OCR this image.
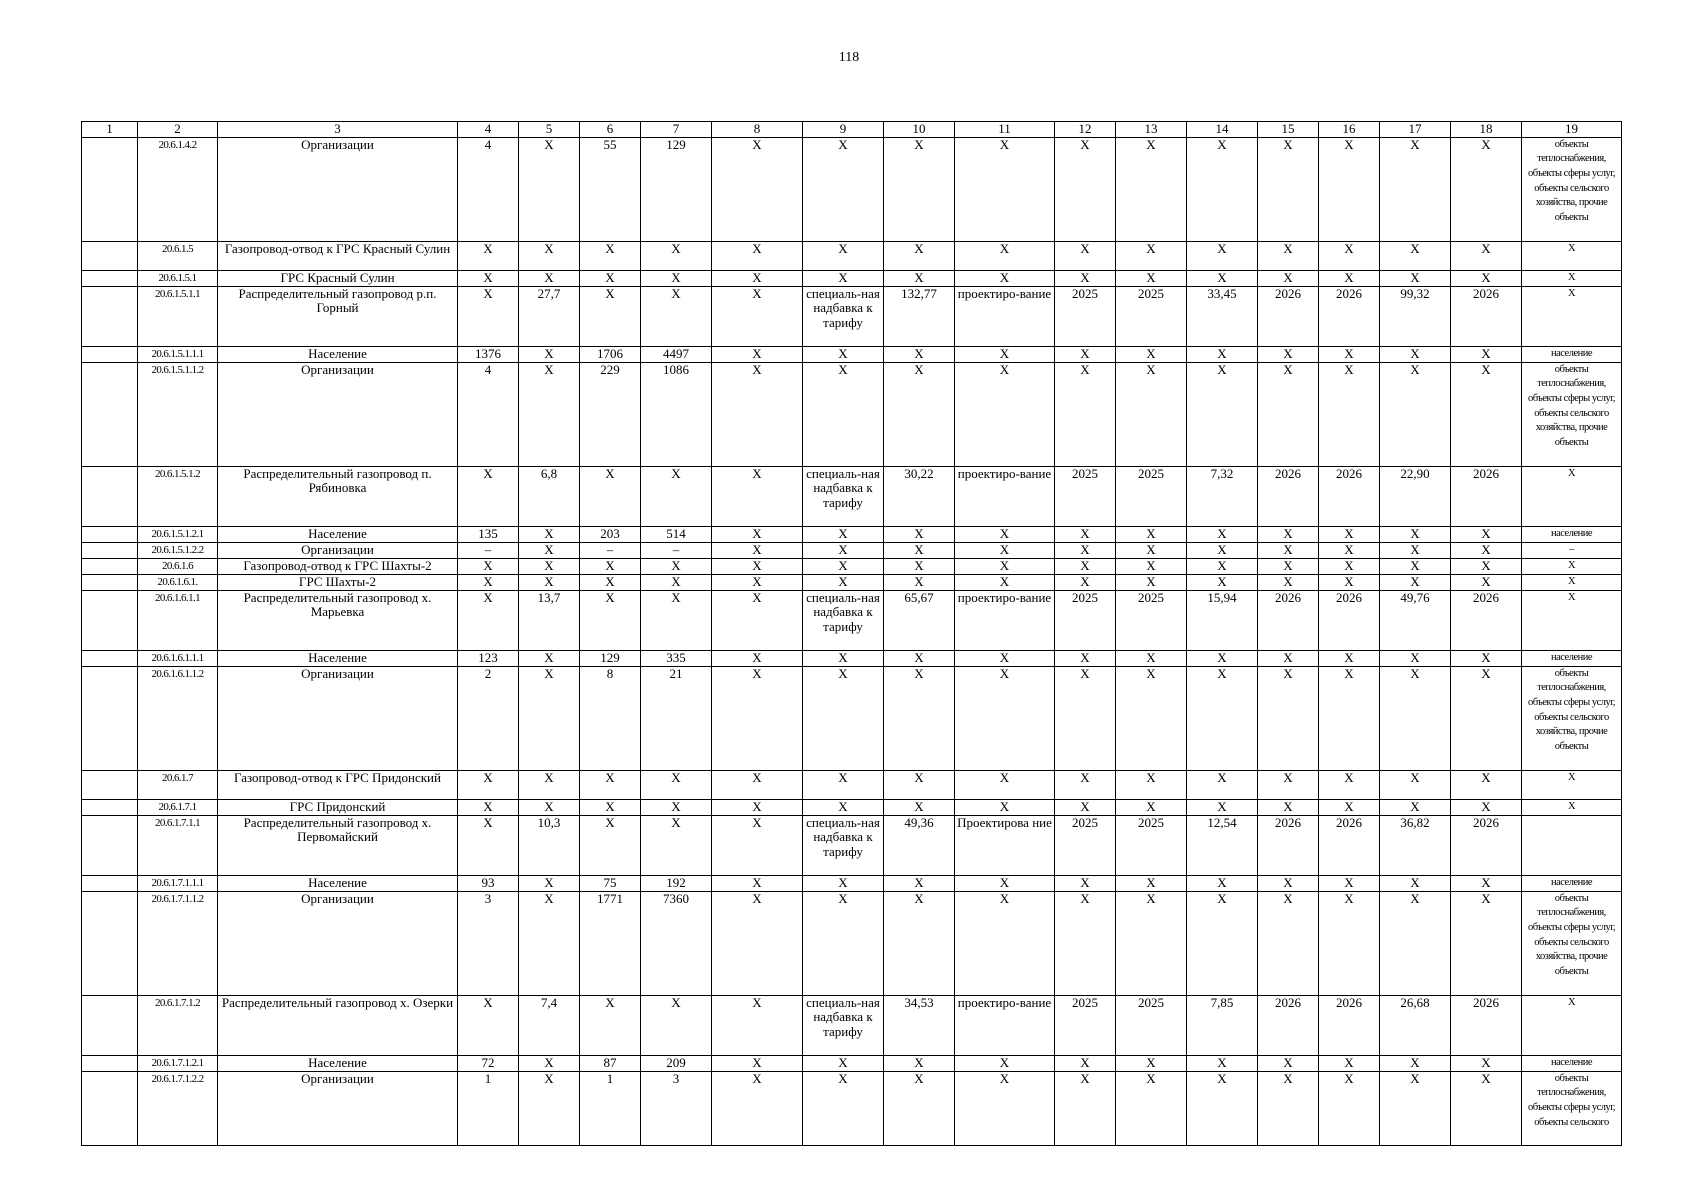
118
1	2	3	4	5	6	7	8	9	10	11	12	13	14	15	16	17	18	19
	20.6.1.4.2	Организации	4	X	55	129	X	X	X	X	X	X	X	X	X	X	X	объекты теплоснабжения, объекты сферы услуг, объекты сельского хозяйства, прочие объекты
	20.6.1.5	Газопровод-отвод к ГРС Красный Сулин	X	X	X	X	X	X	X	X	X	X	X	X	X	X	X	X
	20.6.1.5.1	ГРС Красный Сулин	X	X	X	X	X	X	X	X	X	X	X	X	X	X	X	X
	20.6.1.5.1.1	Распределительный газопровод р.п. Горный	X	27,7	X	X	X	специаль-ная надбавка к тарифу	132,77	проектиро-вание	2025	2025	33,45	2026	2026	99,32	2026	X
	20.6.1.5.1.1.1	Население	1376	X	1706	4497	X	X	X	X	X	X	X	X	X	X	X	население
	20.6.1.5.1.1.2	Организации	4	X	229	1086	X	X	X	X	X	X	X	X	X	X	X	объекты теплоснабжения, объекты сферы услуг, объекты сельского хозяйства, прочие объекты
	20.6.1.5.1.2	Распределительный газопровод п. Рябиновка	X	6,8	X	X	X	специаль-ная надбавка к тарифу	30,22	проектиро-вание	2025	2025	7,32	2026	2026	22,90	2026	X
	20.6.1.5.1.2.1	Население	135	X	203	514	X	X	X	X	X	X	X	X	X	X	X	население
	20.6.1.5.1.2.2	Организации	–	X	–	–	X	X	X	X	X	X	X	X	X	X	X	–
	20.6.1.6	Газопровод-отвод к ГРС Шахты-2	X	X	X	X	X	X	X	X	X	X	X	X	X	X	X	X
	20.6.1.6.1.	ГРС Шахты-2	X	X	X	X	X	X	X	X	X	X	X	X	X	X	X	X
	20.6.1.6.1.1	Распределительный газопровод х. Марьевка	X	13,7	X	X	X	специаль-ная надбавка к тарифу	65,67	проектиро-вание	2025	2025	15,94	2026	2026	49,76	2026	X
	20.6.1.6.1.1.1	Население	123	X	129	335	X	X	X	X	X	X	X	X	X	X	X	население
	20.6.1.6.1.1.2	Организации	2	X	8	21	X	X	X	X	X	X	X	X	X	X	X	объекты теплоснабжения, объекты сферы услуг, объекты сельского хозяйства, прочие объекты
	20.6.1.7	Газопровод-отвод к ГРС Придонский	X	X	X	X	X	X	X	X	X	X	X	X	X	X	X	X
	20.6.1.7.1	ГРС Придонский	X	X	X	X	X	X	X	X	X	X	X	X	X	X	X	X
	20.6.1.7.1.1	Распределительный газопровод х. Первомайский	X	10,3	X	X	X	специаль-ная надбавка к тарифу	49,36	Проектирова ние	2025	2025	12,54	2026	2026	36,82	2026	
	20.6.1.7.1.1.1	Население	93	X	75	192	X	X	X	X	X	X	X	X	X	X	X	население
	20.6.1.7.1.1.2	Организации	3	X	1771	7360	X	X	X	X	X	X	X	X	X	X	X	объекты теплоснабжения, объекты сферы услуг, объекты сельского хозяйства, прочие объекты
	20.6.1.7.1.2	Распределительный газопровод х. Озерки	X	7,4	X	X	X	специаль-ная надбавка к тарифу	34,53	проектиро-вание	2025	2025	7,85	2026	2026	26,68	2026	X
	20.6.1.7.1.2.1	Население	72	X	87	209	X	X	X	X	X	X	X	X	X	X	X	население
	20.6.1.7.1.2.2	Организации	1	X	1	3	X	X	X	X	X	X	X	X	X	X	X	объекты теплоснабжения, объекты сферы услуг, объекты сельского
